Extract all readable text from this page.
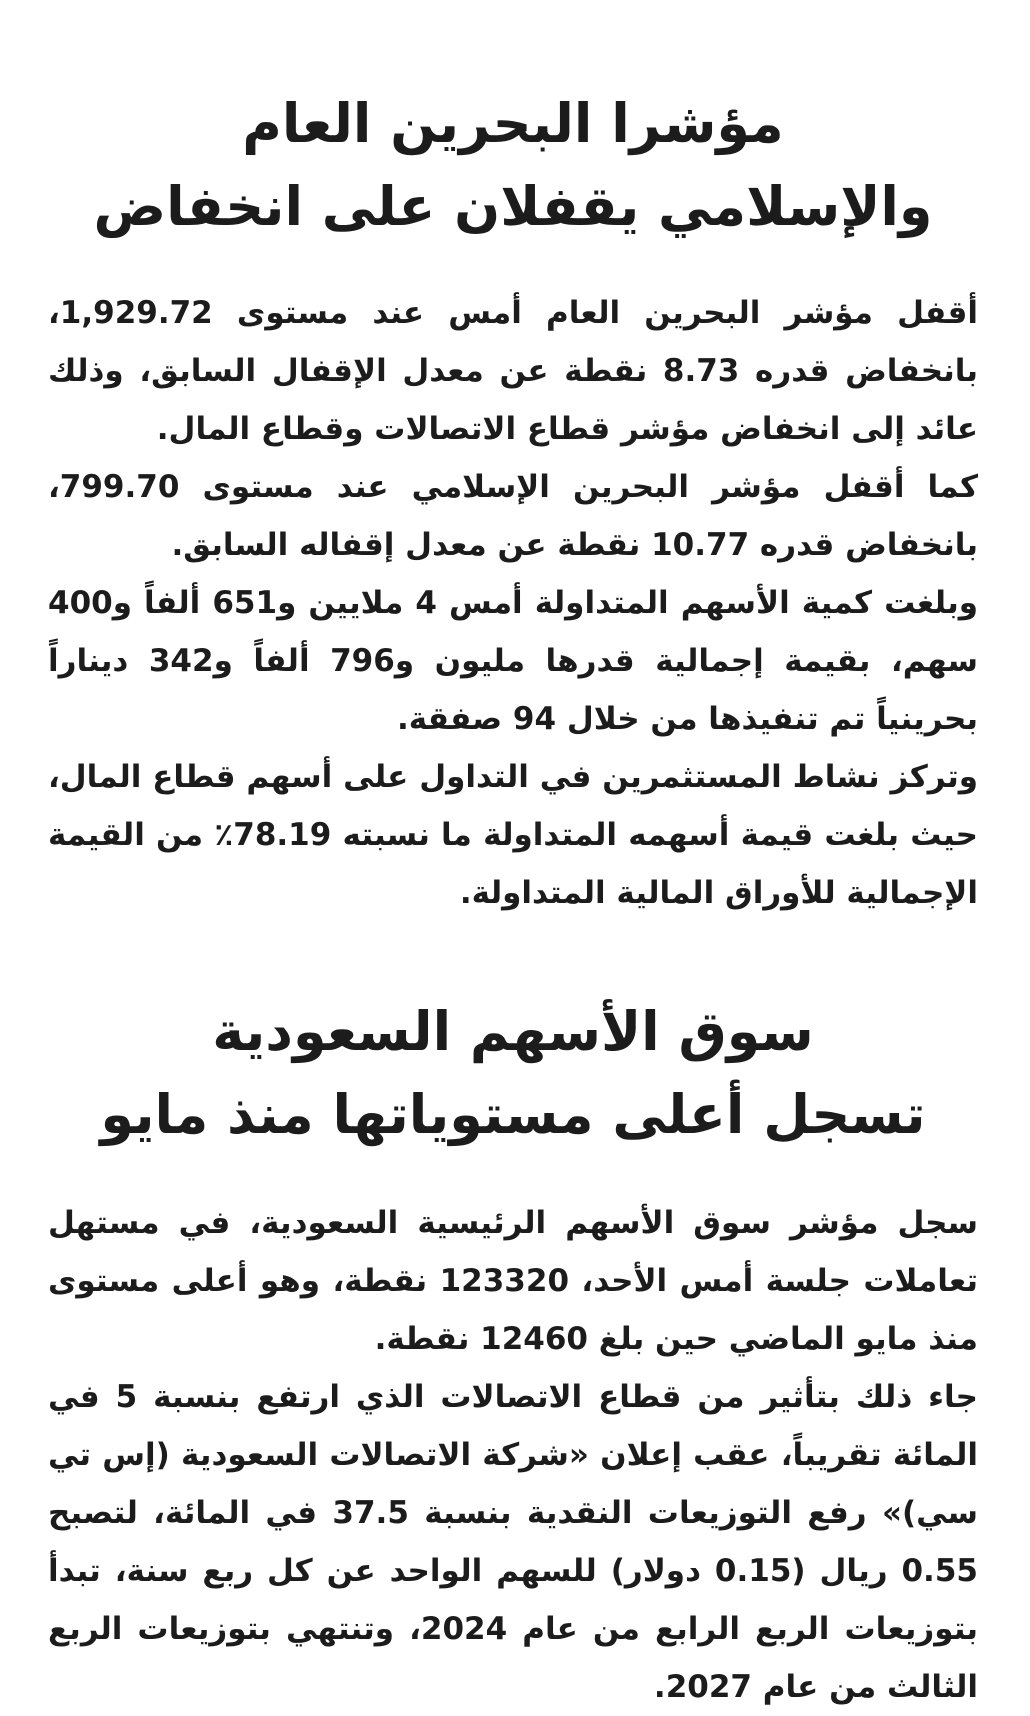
مؤشرا البحرين العام
والإسلامي يقفلان على انخفاض

أقفل مؤشر البحرين العام أمس عند مستوى 1,929.72، بانخفاض قدره 8.73 نقطة عن معدل الإقفال السابق، وذلك عائد إلى انخفاض مؤشر قطاع الاتصالات وقطاع المال.
كما أقفل مؤشر البحرين الإسلامي عند مستوى 799.70، بانخفاض قدره 10.77 نقطة عن معدل إقفاله السابق.
وبلغت كمية الأسهم المتداولة أمس 4 ملايين و651 ألفاً و400 سهم، بقيمة إجمالية قدرها مليون و796 ألفاً و342 ديناراً بحرينياً تم تنفيذها من خلال 94 صفقة.
وتركز نشاط المستثمرين في التداول على أسهم قطاع المال، حيث بلغت قيمة أسهمه المتداولة ما نسبته 78.19٪ من القيمة الإجمالية للأوراق المالية المتداولة.

سوق الأسهم السعودية
تسجل أعلى مستوياتها منذ مايو

سجل مؤشر سوق الأسهم الرئيسية السعودية، في مستهل تعاملات جلسة أمس الأحد، 123320 نقطة، وهو أعلى مستوى منذ مايو الماضي حين بلغ 12460 نقطة.
جاء ذلك بتأثير من قطاع الاتصالات الذي ارتفع بنسبة 5 في المائة تقريباً، عقب إعلان «شركة الاتصالات السعودية (إس تي سي)» رفع التوزيعات النقدية بنسبة 37.5 في المائة، لتصبح 0.55 ريال (0.15 دولار) للسهم الواحد عن كل ربع سنة، تبدأ بتوزيعات الربع الرابع من عام 2024، وتنتهي بتوزيعات الربع الثالث من عام 2027.
